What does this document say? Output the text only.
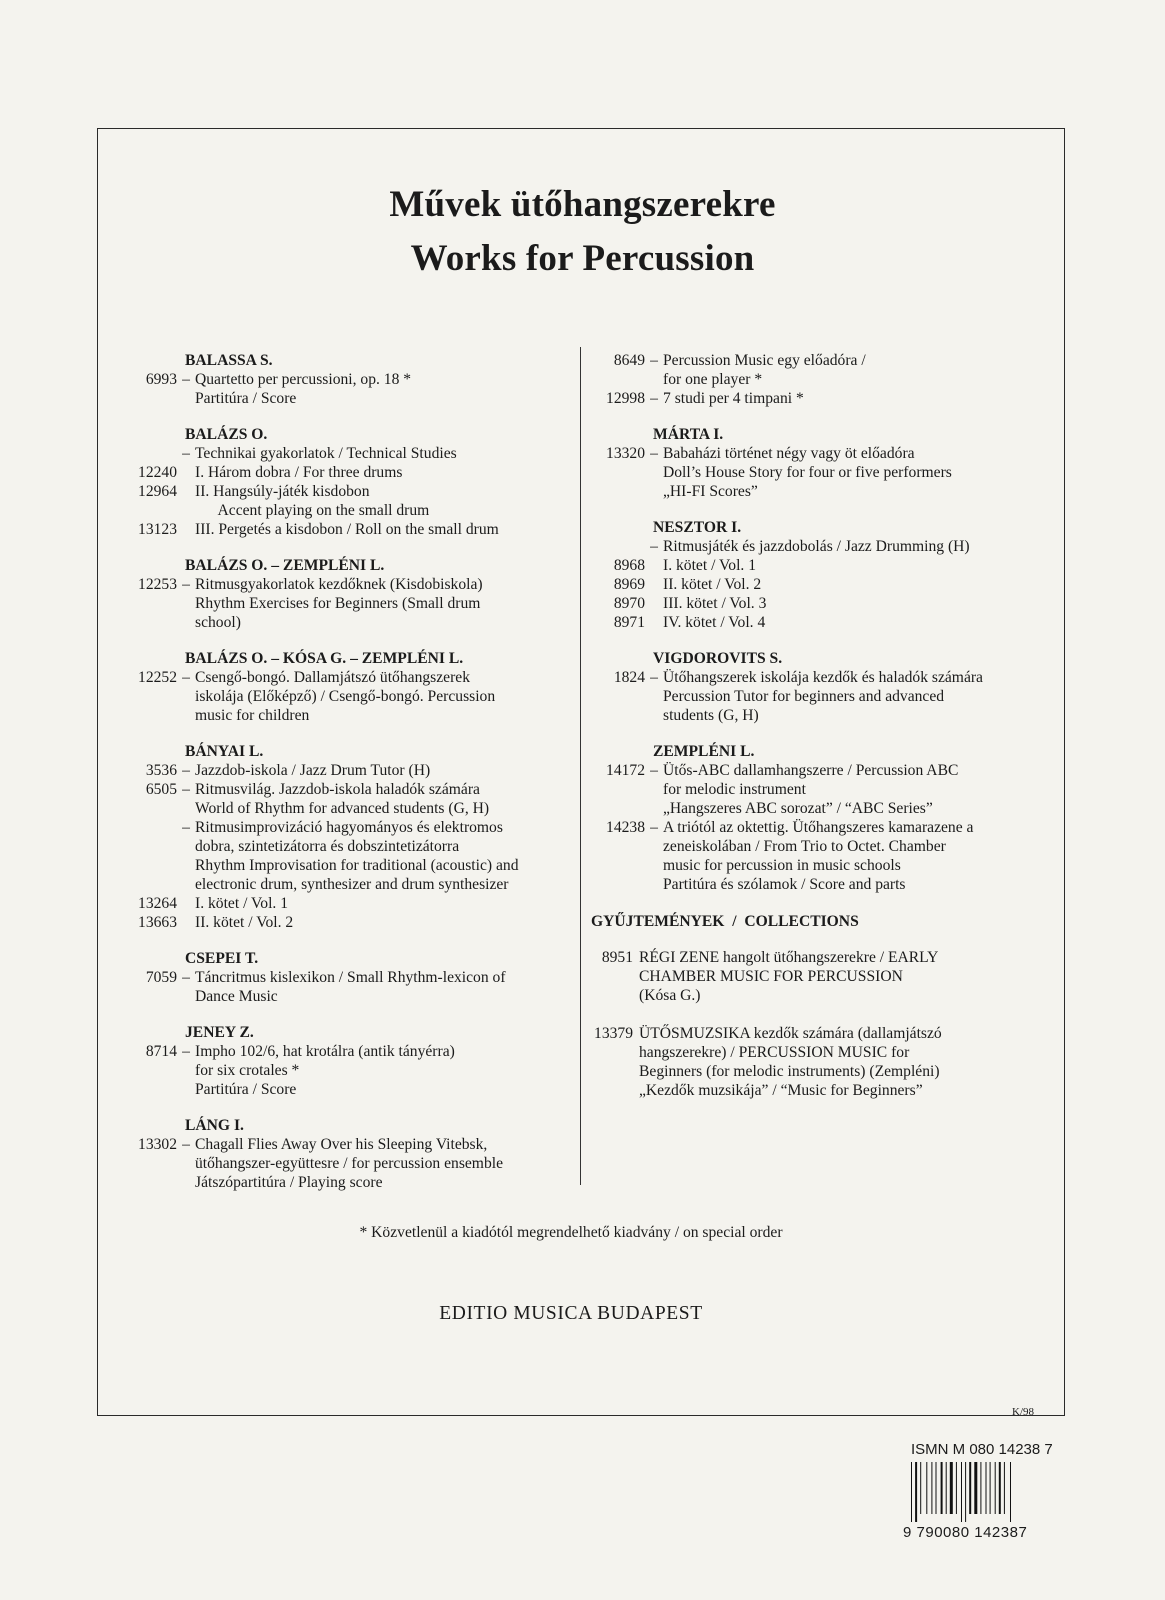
Művek ütőhangszerekre
Works for Percussion
BALASSA S.
6993 – Quartetto per percussioni, op. 18 *
Partitúra / Score
BALÁZS O.
– Technikai gyakorlatok / Technical Studies
12240 I. Három dobra / For three drums
12964 II. Hangsúly-játék kisdobon
Accent playing on the small drum
13123 III. Pergetés a kisdobon / Roll on the small drum
BALÁZS O. – ZEMPLÉNI L.
12253 – Ritmusgyakorlatok kezdőknek (Kisdobiskola)
Rhythm Exercises for Beginners (Small drum
school)
BALÁZS O. – KÓSA G. – ZEMPLÉNI L.
12252 – Csengő-bongó. Dallamjátszó ütőhangszerek
iskolája (Előképző) / Csengő-bongó. Percussion
music for children
BÁNYAI L.
3536 – Jazzdob-iskola / Jazz Drum Tutor (H)
6505 – Ritmusvilág. Jazzdob-iskola haladók számára
World of Rhythm for advanced students (G, H)
– Ritmusimprovizáció hagyományos és elektromos
dobra, szintetizátorra és dobszintetizátorra
Rhythm Improvisation for traditional (acoustic) and
electronic drum, synthesizer and drum synthesizer
13264 I. kötet / Vol. 1
13663 II. kötet / Vol. 2
CSEPEI T.
7059 – Táncritmus kislexikon / Small Rhythm-lexicon of
Dance Music
JENEY Z.
8714 – Impho 102/6, hat krotálra (antik tányérra)
for six crotales *
Partitúra / Score
LÁNG I.
13302 – Chagall Flies Away Over his Sleeping Vitebsk,
ütőhangszer-együttesre / for percussion ensemble
Játszópartitúra / Playing score
8649 – Percussion Music egy előadóra /
for one player *
12998 – 7 studi per 4 timpani *
MÁRTA I.
13320 – Babaházi történet négy vagy öt előadóra
Doll’s House Story for four or five performers
„HI-FI Scores”
NESZTOR I.
– Ritmusjáték és jazzdobolás / Jazz Drumming (H)
8968 I. kötet / Vol. 1
8969 II. kötet / Vol. 2
8970 III. kötet / Vol. 3
8971 IV. kötet / Vol. 4
VIGDOROVITS S.
1824 – Ütőhangszerek iskolája kezdők és haladók számára
Percussion Tutor for beginners and advanced
students (G, H)
ZEMPLÉNI L.
14172 – Ütős-ABC dallamhangszerre / Percussion ABC
for melodic instrument
„Hangszeres ABC sorozat” / “ABC Series”
14238 – A triótól az oktettig. Ütőhangszeres kamarazene a
zeneiskolában / From Trio to Octet. Chamber
music for percussion in music schools
Partitúra és szólamok / Score and parts
GYŰJTEMÉNYEK  /  COLLECTIONS
8951 RÉGI ZENE hangolt ütőhangszerekre / EARLY
CHAMBER MUSIC FOR PERCUSSION
(Kósa G.)
13379 ÜTŐSMUZSIKA kezdők számára (dallamjátszó
hangszerekre) / PERCUSSION MUSIC for
Beginners (for melodic instruments) (Zempléni)
„Kezdők muzsikája” / “Music for Beginners”
* Közvetlenül a kiadótól megrendelhető kiadvány / on special order
EDITIO MUSICA BUDAPEST
K/98
ISMN M 080 14238 7
9 790080 142387
